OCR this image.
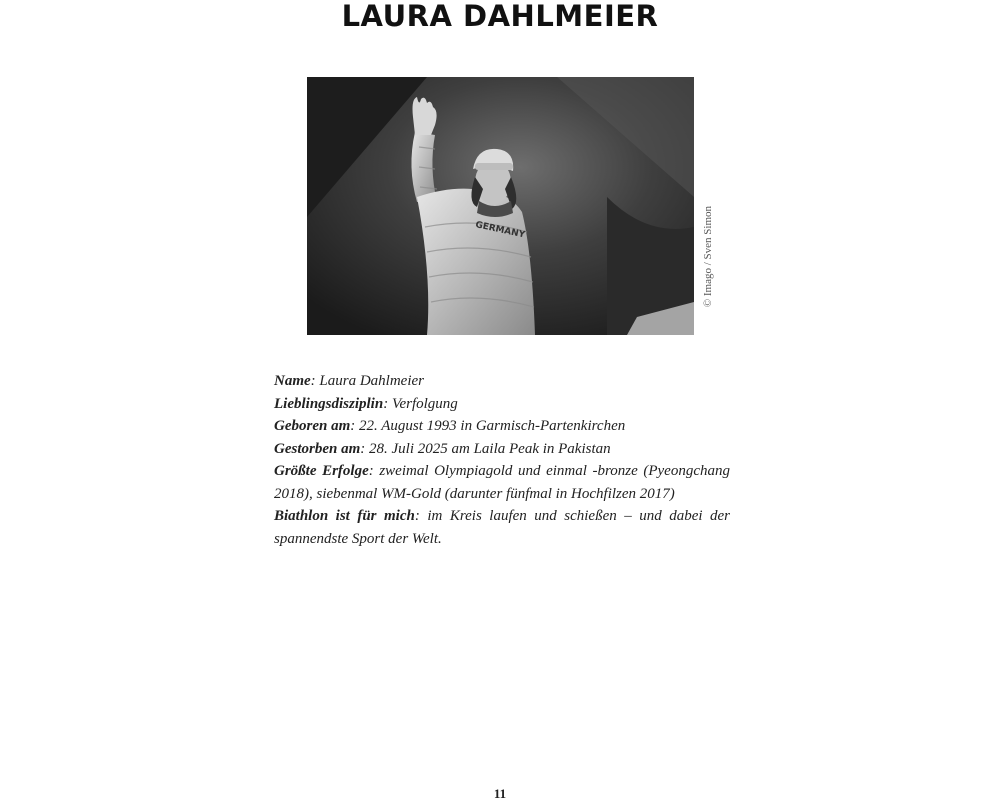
LAURA DAHLMEIER
GERMANY	© Imago / Sven Simon

Name: Laura Dahlmeier

Lieblingsdisziplin: Verfolgung

Geboren am: 22. August 1993 in Garmisch-Partenkirchen

Gestorben am: 28. Juli 2025 am Laila Peak in Pakistan

Größte Erfolge: zweimal Olympiagold und einmal -bronze (Pyeongchang 2018), siebenmal WM-Gold (darunter fünfmal in Hochfilzen 2017)

Biathlon ist für mich: im Kreis laufen und schießen – und dabei der spannendste Sport der Welt.

11
